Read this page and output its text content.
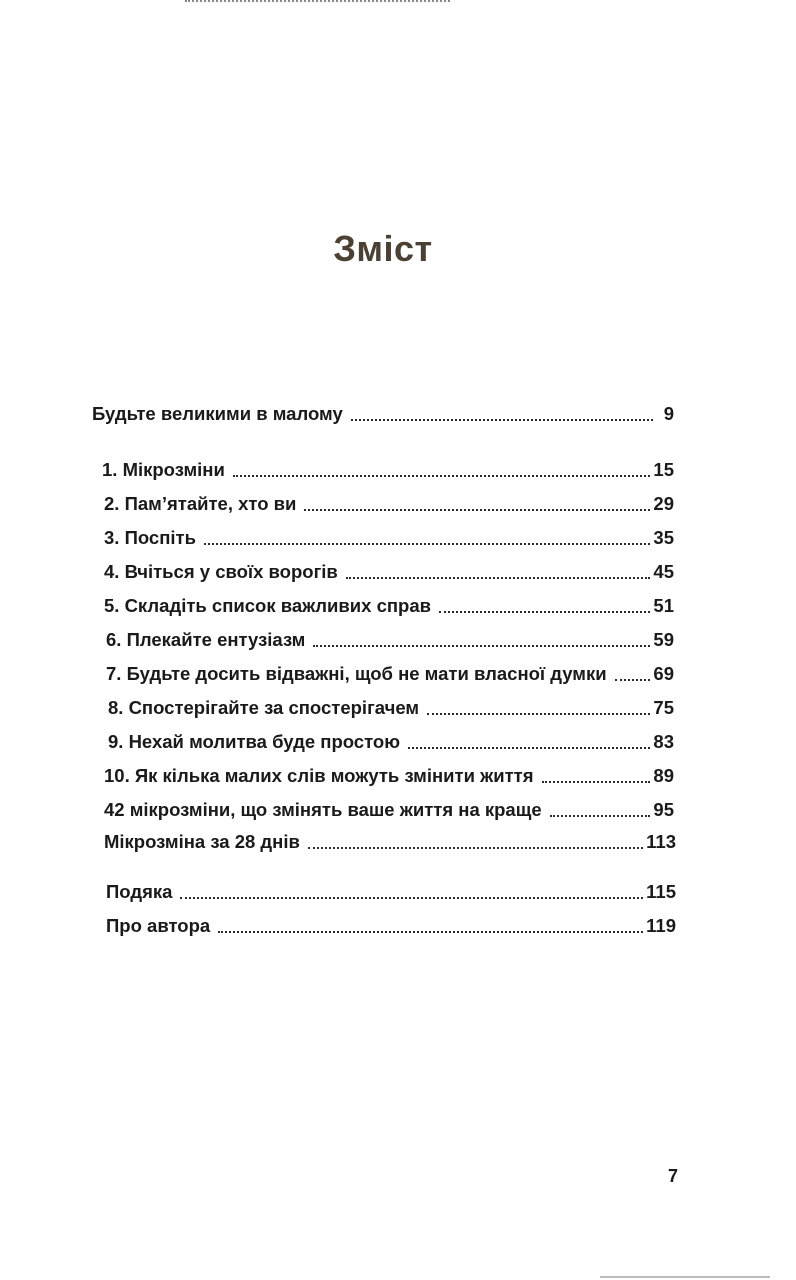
Зміст
Будьте великими в малому	9
1. Мікрозміни	15
2. Пам’ятайте, хто ви	29
3. Поспіть	35
4. Вчіться у своїх ворогів	45
5. Складіть список важливих справ	51
6. Плекайте ентузіазм	59
7. Будьте досить відважні, щоб не мати власної думки	69
8. Спостерігайте за спостерігачем	75
9. Нехай молитва буде простою	83
10. Як кілька малих слів можуть змінити життя	89
42 мікрозміни, що змінять ваше життя на краще	95
Мікрозміна за 28 днів	113
Подяка	115
Про автора	119
7
